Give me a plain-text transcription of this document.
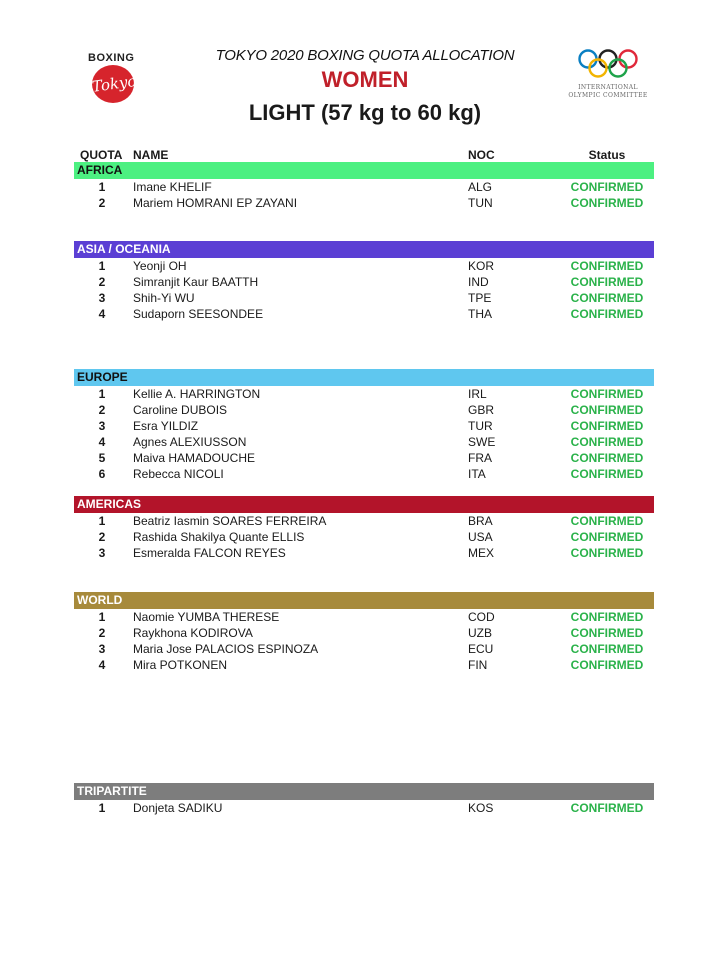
TOKYO 2020 BOXING QUOTA ALLOCATION
WOMEN
LIGHT (57 kg to 60 kg)
BOXING
Tokyo	INTERNATIONAL OLYMPIC COMMITTEE
QUOTA NAME	NOC	Status
AFRICA
1	Imane KHELIF	ALG	CONFIRMED
2	Mariem HOMRANI EP ZAYANI	TUN	CONFIRMED
ASIA / OCEANIA
1	Yeonji OH	KOR	CONFIRMED
2	Simranjit Kaur BAATTH	IND	CONFIRMED
3	Shih-Yi WU	TPE	CONFIRMED
4	Sudaporn SEESONDEE	THA	CONFIRMED
EUROPE
1	Kellie A. HARRINGTON	IRL	CONFIRMED
2	Caroline DUBOIS	GBR	CONFIRMED
3	Esra YILDIZ	TUR	CONFIRMED
4	Agnes ALEXIUSSON	SWE	CONFIRMED
5	Maiva HAMADOUCHE	FRA	CONFIRMED
6	Rebecca NICOLI	ITA	CONFIRMED
AMERICAS
1	Beatriz Iasmin SOARES FERREIRA	BRA	CONFIRMED
2	Rashida Shakilya Quante ELLIS	USA	CONFIRMED
3	Esmeralda FALCON REYES	MEX	CONFIRMED
WORLD
1	Naomie YUMBA THERESE	COD	CONFIRMED
2	Raykhona KODIROVA	UZB	CONFIRMED
3	Maria Jose PALACIOS ESPINOZA	ECU	CONFIRMED
4	Mira POTKONEN	FIN	CONFIRMED
TRIPARTITE
1	Donjeta SADIKU	KOS	CONFIRMED
